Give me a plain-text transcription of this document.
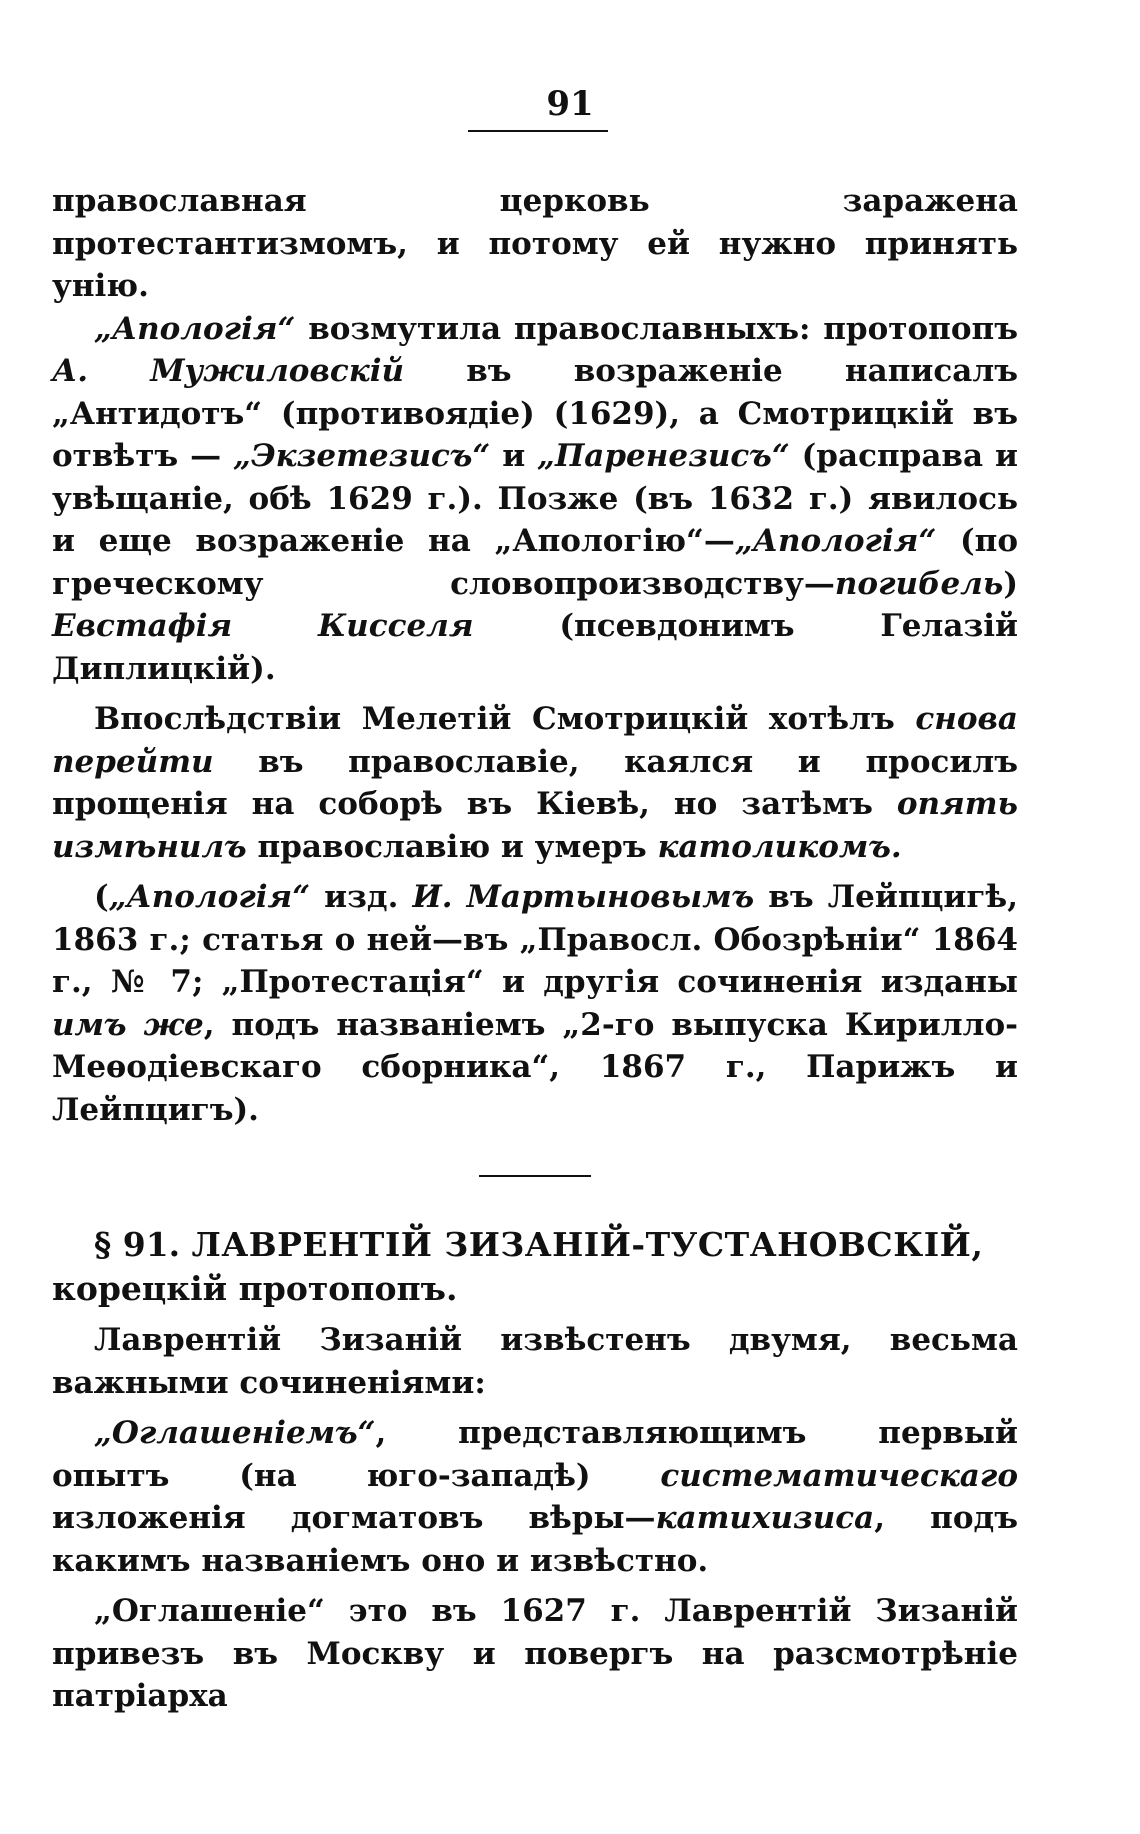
91

православная церковь заражена протестантизмомъ, и потому ей нужно принять унію.

„Апологія“ возмутила православныхъ: протопопъ А. Мужиловскій въ возраженіе написалъ „Антидотъ“ (противоядіе) (1629), а Смотрицкій въ отвѣтъ — „Экзетезисъ“ и „Паренезисъ“ (расправа и увѣщаніе, обѣ 1629 г.). Позже (въ 1632 г.) явилось и еще возраженіе на „Апологію“—„Апологія“ (по греческому словопроизводству—погибель) Евстафія Кисселя (псевдонимъ Гелазій Диплицкій).

Впослѣдствіи Мелетій Смотрицкій хотѣлъ снова перейти въ православіе, каялся и просилъ прощенія на соборѣ въ Кіевѣ, но затѣмъ опять измѣнилъ православію и умеръ католикомъ.

(„Апологія“ изд. И. Мартыновымъ въ Лейпцигѣ, 1863 г.; статья о ней—въ „Правосл. Обозрѣніи“ 1864 г., № 7; „Протестація“ и другія сочиненія изданы имъ же, подъ названіемъ „2-го выпуска Кирилло-Меѳодіевскаго сборника“, 1867 г., Парижъ и Лейпцигъ).

§ 91. ЛАВРЕНТІЙ ЗИЗАНІЙ-ТУСТАНОВСКІЙ, корецкій протопопъ.

Лаврентій Зизаній извѣстенъ двумя, весьма важными сочиненіями:

„Оглашеніемъ“, представляющимъ первый опытъ (на юго-западѣ) систематическаго изложенія догматовъ вѣры—катихизиса, подъ какимъ названіемъ оно и извѣстно.

„Оглашеніе“ это въ 1627 г. Лаврентій Зизаній привезъ въ Москву и повергъ на разсмотрѣніе патріарха
